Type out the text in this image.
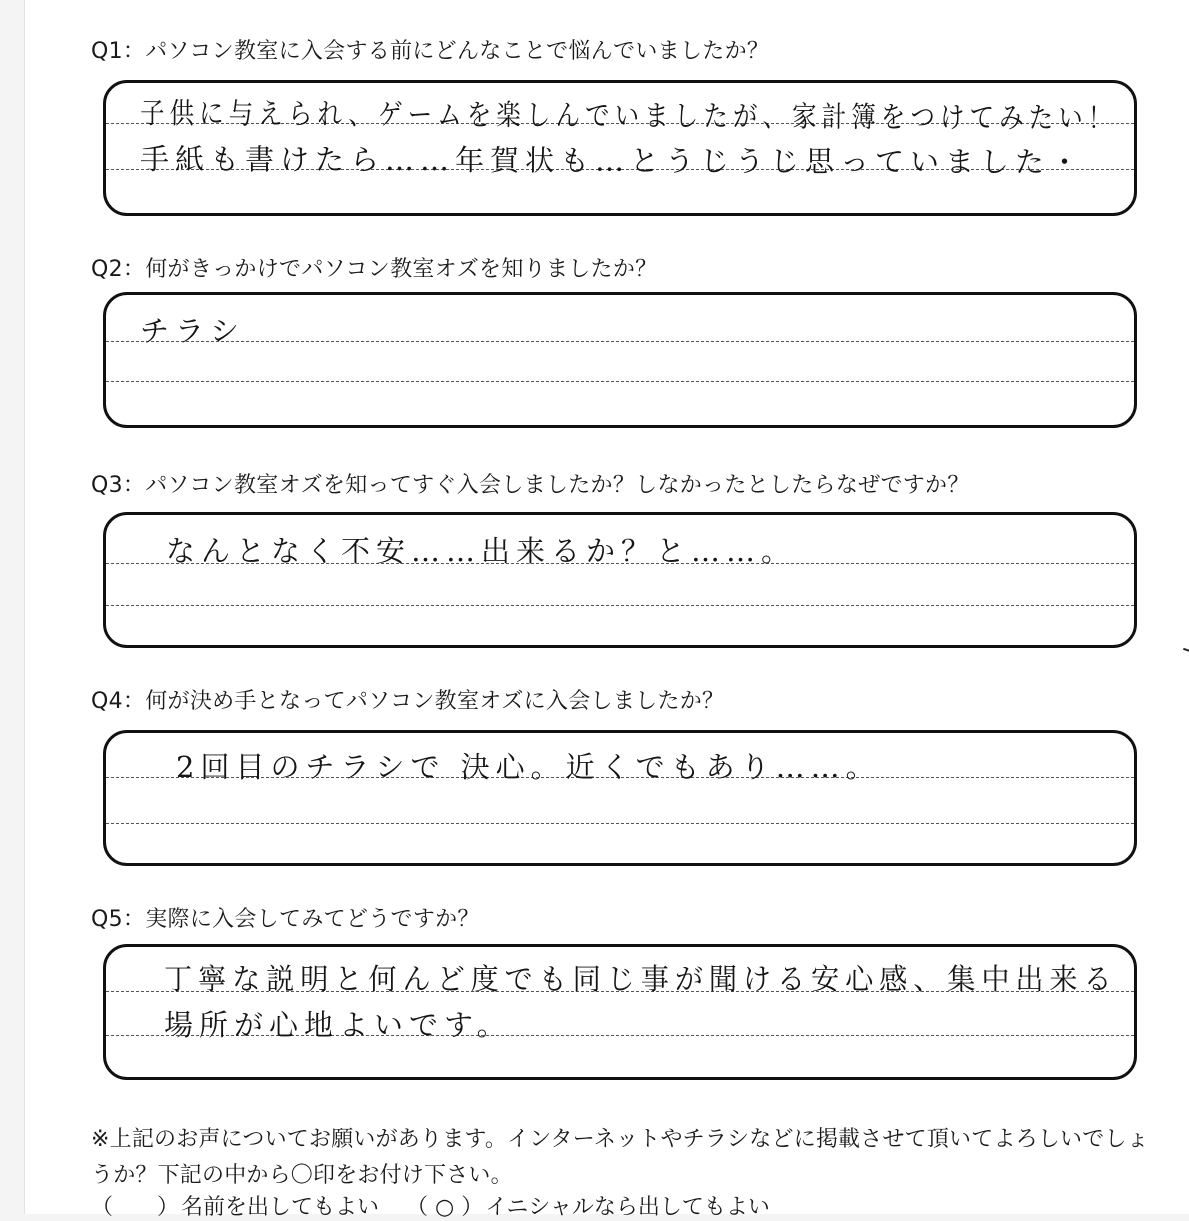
Q1：パソコン教室に入会する前にどんなことで悩んでいましたか？
子供に与えられ、ゲームを楽しんでいましたが、家計簿をつけてみたい！
手紙も書けたら……年賀状も…とうじうじ思っていました・
Q2：何がきっかけでパソコン教室オズを知りましたか？
チラシ
Q3：パソコン教室オズを知ってすぐ入会しましたか？しなかったとしたらなぜですか？
なんとなく不安……出来るか？と……。
Q4：何が決め手となってパソコン教室オズに入会しましたか？
2回目のチラシで 決心。近くでもあり……。
Q5：実際に入会してみてどうですか？
丁寧な説明と何んど度でも同じ事が聞ける安心感、集中出来る
場所が心地よいです。
※上記のお声についてお願いがあります。インターネットやチラシなどに掲載させて頂いてよろしいでしょうか？下記の中から〇印をお付け下さい。
（　　）名前を出してもよい （ ○ ）イニシャルなら出してもよい
